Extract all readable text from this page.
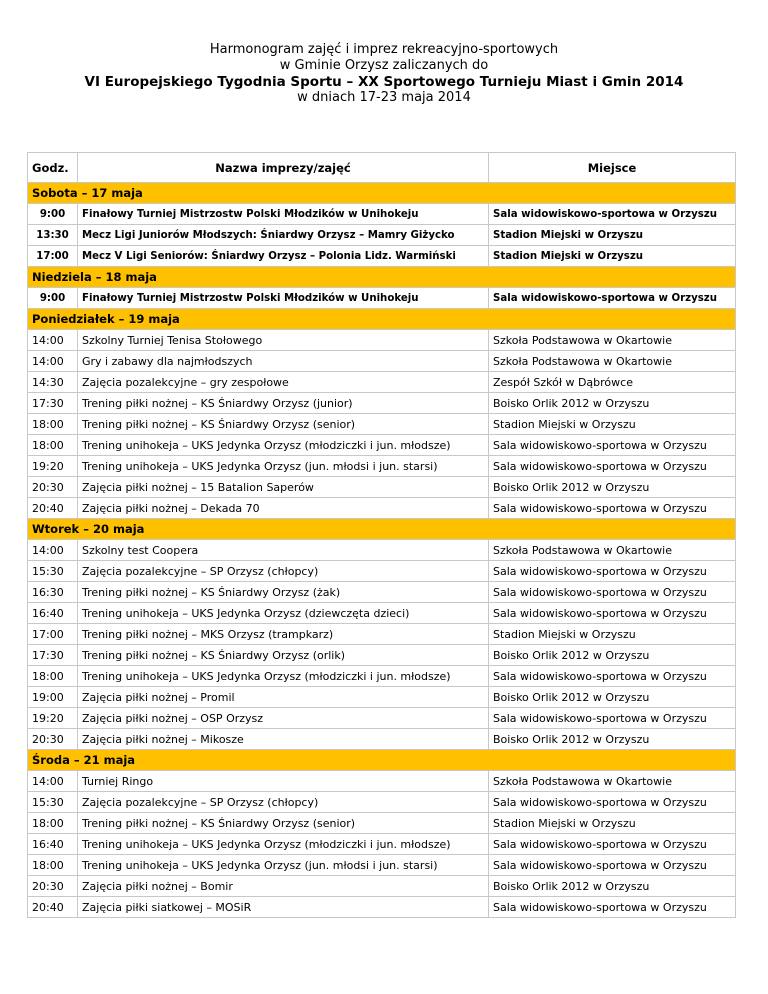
Harmonogram zajęć i imprez rekreacyjno-sportowych
w Gminie Orzysz zaliczanych do
VI Europejskiego Tygodnia Sportu – XX Sportowego Turnieju Miast i Gmin 2014
w dniach 17-23 maja 2014
Godz.	Nazwa imprezy/zajęć	Miejsce
Sobota – 17 maja		
9:00	Finałowy Turniej Mistrzostw Polski Młodzików w Unihokeju	Sala widowiskowo-sportowa w Orzyszu
13:30	Mecz Ligi Juniorów Młodszych: Śniardwy Orzysz – Mamry Giżycko	Stadion Miejski w Orzyszu
17:00	Mecz V Ligi Seniorów: Śniardwy Orzysz – Polonia Lidz. Warmiński	Stadion Miejski w Orzyszu
Niedziela – 18 maja		
9:00	Finałowy Turniej Mistrzostw Polski Młodzików w Unihokeju	Sala widowiskowo-sportowa w Orzyszu
Poniedziałek – 19 maja		
14:00	Szkolny Turniej Tenisa Stołowego	Szkoła Podstawowa w Okartowie
14:00	Gry i zabawy dla najmłodszych	Szkoła Podstawowa w Okartowie
14:30	Zajęcia pozalekcyjne – gry zespołowe	Zespół Szkół w Dąbrówce
17:30	Trening piłki nożnej – KS Śniardwy Orzysz (junior)	Boisko Orlik 2012 w Orzyszu
18:00	Trening piłki nożnej – KS Śniardwy Orzysz (senior)	Stadion Miejski w Orzyszu
18:00	Trening unihokeja – UKS Jedynka Orzysz (młodziczki i jun. młodsze)	Sala widowiskowo-sportowa w Orzyszu
19:20	Trening unihokeja – UKS Jedynka Orzysz (jun. młodsi i jun. starsi)	Sala widowiskowo-sportowa w Orzyszu
20:30	Zajęcia piłki nożnej – 15 Batalion Saperów	Boisko Orlik 2012 w Orzyszu
20:40	Zajęcia piłki nożnej – Dekada 70	Sala widowiskowo-sportowa w Orzyszu
Wtorek – 20 maja		
14:00	Szkolny test Coopera	Szkoła Podstawowa w Okartowie
15:30	Zajęcia pozalekcyjne – SP Orzysz (chłopcy)	Sala widowiskowo-sportowa w Orzyszu
16:30	Trening piłki nożnej – KS Śniardwy Orzysz (żak)	Sala widowiskowo-sportowa w Orzyszu
16:40	Trening unihokeja – UKS Jedynka Orzysz (dziewczęta dzieci)	Sala widowiskowo-sportowa w Orzyszu
17:00	Trening piłki nożnej – MKS Orzysz (trampkarz)	Stadion Miejski w Orzyszu
17:30	Trening piłki nożnej – KS Śniardwy Orzysz (orlik)	Boisko Orlik 2012 w Orzyszu
18:00	Trening unihokeja – UKS Jedynka Orzysz (młodziczki i jun. młodsze)	Sala widowiskowo-sportowa w Orzyszu
19:00	Zajęcia piłki nożnej – Promil	Boisko Orlik 2012 w Orzyszu
19:20	Zajęcia piłki nożnej – OSP Orzysz	Sala widowiskowo-sportowa w Orzyszu
20:30	Zajęcia piłki nożnej – Mikosze	Boisko Orlik 2012 w Orzyszu
Środa – 21 maja		
14:00	Turniej Ringo	Szkoła Podstawowa w Okartowie
15:30	Zajęcia pozalekcyjne – SP Orzysz (chłopcy)	Sala widowiskowo-sportowa w Orzyszu
18:00	Trening piłki nożnej – KS Śniardwy Orzysz (senior)	Stadion Miejski w Orzyszu
16:40	Trening unihokeja – UKS Jedynka Orzysz (młodziczki i jun. młodsze)	Sala widowiskowo-sportowa w Orzyszu
18:00	Trening unihokeja – UKS Jedynka Orzysz (jun. młodsi i jun. starsi)	Sala widowiskowo-sportowa w Orzyszu
20:30	Zajęcia piłki nożnej – Bomir	Boisko Orlik 2012 w Orzyszu
20:40	Zajęcia piłki siatkowej – MOSiR	Sala widowiskowo-sportowa w Orzyszu
